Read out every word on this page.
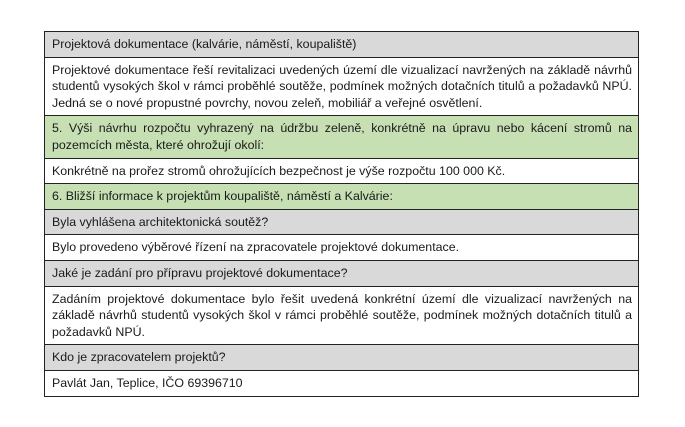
Projektová dokumentace (kalvárie, náměstí, koupaliště)
Projektové dokumentace řeší revitalizaci uvedených území dle vizualizací navržených na základě návrhů studentů vysokých škol v rámci proběhlé soutěže, podmínek možných dotačních titulů a požadavků NPÚ. Jedná se o nové propustné povrchy, novou zeleň, mobiliář a veřejné osvětlení.
5. Výši návrhu rozpočtu vyhrazený na údržbu zeleně, konkrétně na úpravu nebo kácení stromů na pozemcích města, které ohrožují okolí:
Konkrétně na prořez stromů ohrožujících bezpečnost je výše rozpočtu 100 000 Kč.
6. Bližší informace k projektům koupaliště, náměstí a Kalvárie:
Byla vyhlášena architektonická soutěž?
Bylo provedeno výběrové řízení na zpracovatele projektové dokumentace.
Jaké je zadání pro přípravu projektové dokumentace?
Zadáním projektové dokumentace bylo řešit uvedená konkrétní území dle vizualizací navržených na základě návrhů studentů vysokých škol v rámci proběhlé soutěže, podmínek možných dotačních titulů a požadavků NPÚ.
Kdo je zpracovatelem projektů?
Pavlát Jan, Teplice, IČO 69396710
